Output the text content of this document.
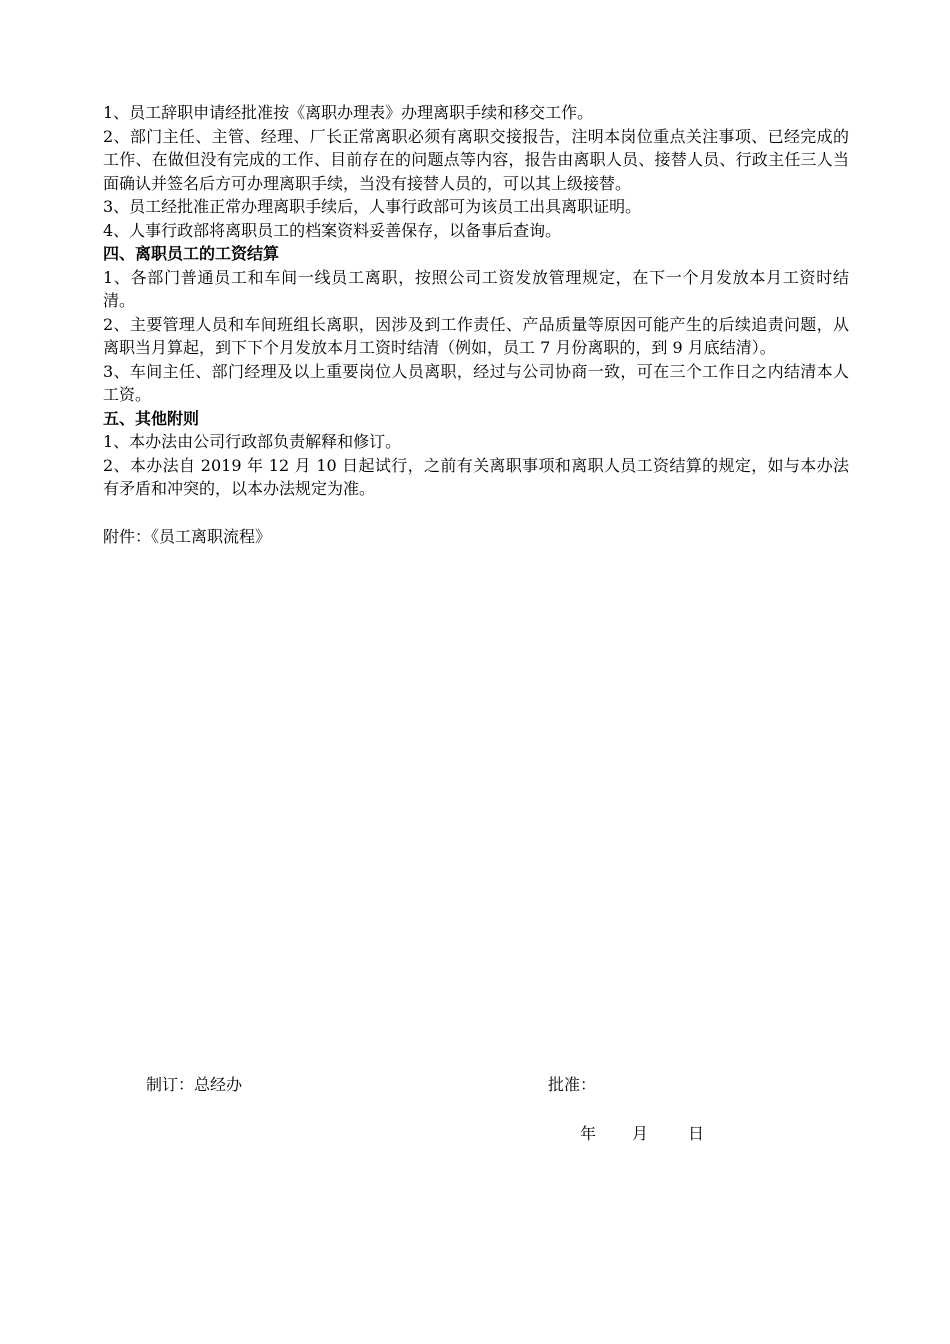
1、员工辞职申请经批准按《离职办理表》办理离职手续和移交工作。

2、部门主任、主管、经理、厂长正常离职必须有离职交接报告，注明本岗位重点关注事项、已经完成的工作、在做但没有完成的工作、目前存在的问题点等内容，报告由离职人员、接替人员、行政主任三人当面确认并签名后方可办理离职手续，当没有接替人员的，可以其上级接替。

3、员工经批准正常办理离职手续后，人事行政部可为该员工出具离职证明。

4、人事行政部将离职员工的档案资料妥善保存，以备事后查询。

四、离职员工的工资结算

1、各部门普通员工和车间一线员工离职，按照公司工资发放管理规定，在下一个月发放本月工资时结清。

2、主要管理人员和车间班组长离职，因涉及到工作责任、产品质量等原因可能产生的后续追责问题，从离职当月算起，到下下个月发放本月工资时结清（例如，员工 7 月份离职的，到 9 月底结清）。

3、车间主任、部门经理及以上重要岗位人员离职，经过与公司协商一致，可在三个工作日之内结清本人工资。

五、其他附则

1、本办法由公司行政部负责解释和修订。

2、本办法自 2019 年 12 月 10 日起试行，之前有关离职事项和离职人员工资结算的规定，如与本办法有矛盾和冲突的，以本办法规定为准。

附件：《员工离职流程》

制订：总经办	批准：
年 月 日
